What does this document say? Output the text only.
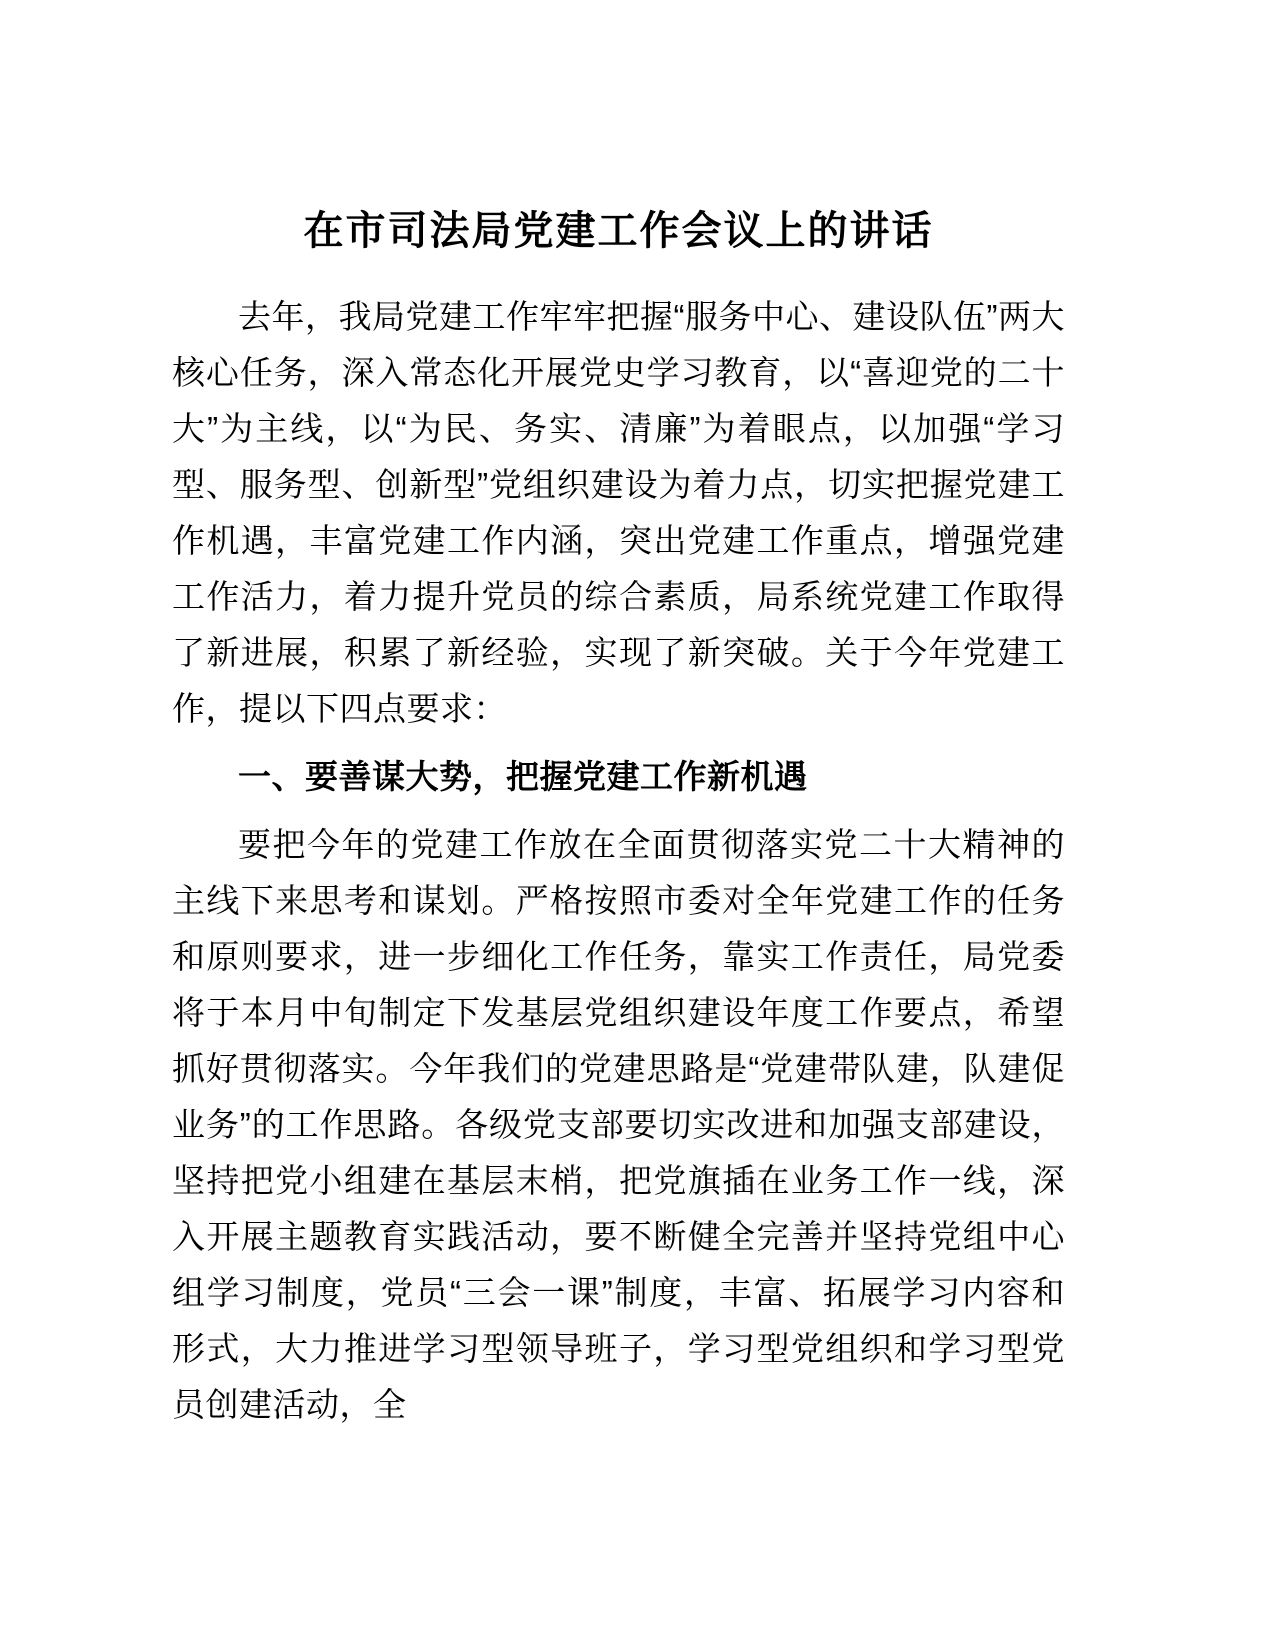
在市司法局党建工作会议上的讲话

去年，我局党建工作牢牢把握“服务中心、建设队伍”两大核心任务，深入常态化开展党史学习教育，以“喜迎党的二十大”为主线，以“为民、务实、清廉”为着眼点，以加强“学习型、服务型、创新型”党组织建设为着力点，切实把握党建工作机遇，丰富党建工作内涵，突出党建工作重点，增强党建工作活力，着力提升党员的综合素质，局系统党建工作取得了新进展，积累了新经验，实现了新突破。关于今年党建工作，提以下四点要求：

一、要善谋大势，把握党建工作新机遇

要把今年的党建工作放在全面贯彻落实党二十大精神的主线下来思考和谋划。严格按照市委对全年党建工作的任务和原则要求，进一步细化工作任务，靠实工作责任，局党委将于本月中旬制定下发基层党组织建设年度工作要点，希望抓好贯彻落实。今年我们的党建思路是“党建带队建，队建促业务”的工作思路。各级党支部要切实改进和加强支部建设，坚持把党小组建在基层末梢，把党旗插在业务工作一线，深入开展主题教育实践活动，要不断健全完善并坚持党组中心组学习制度，党员“三会一课”制度，丰富、拓展学习内容和形式，大力推进学习型领导班子，学习型党组织和学习型党员创建活动，全
